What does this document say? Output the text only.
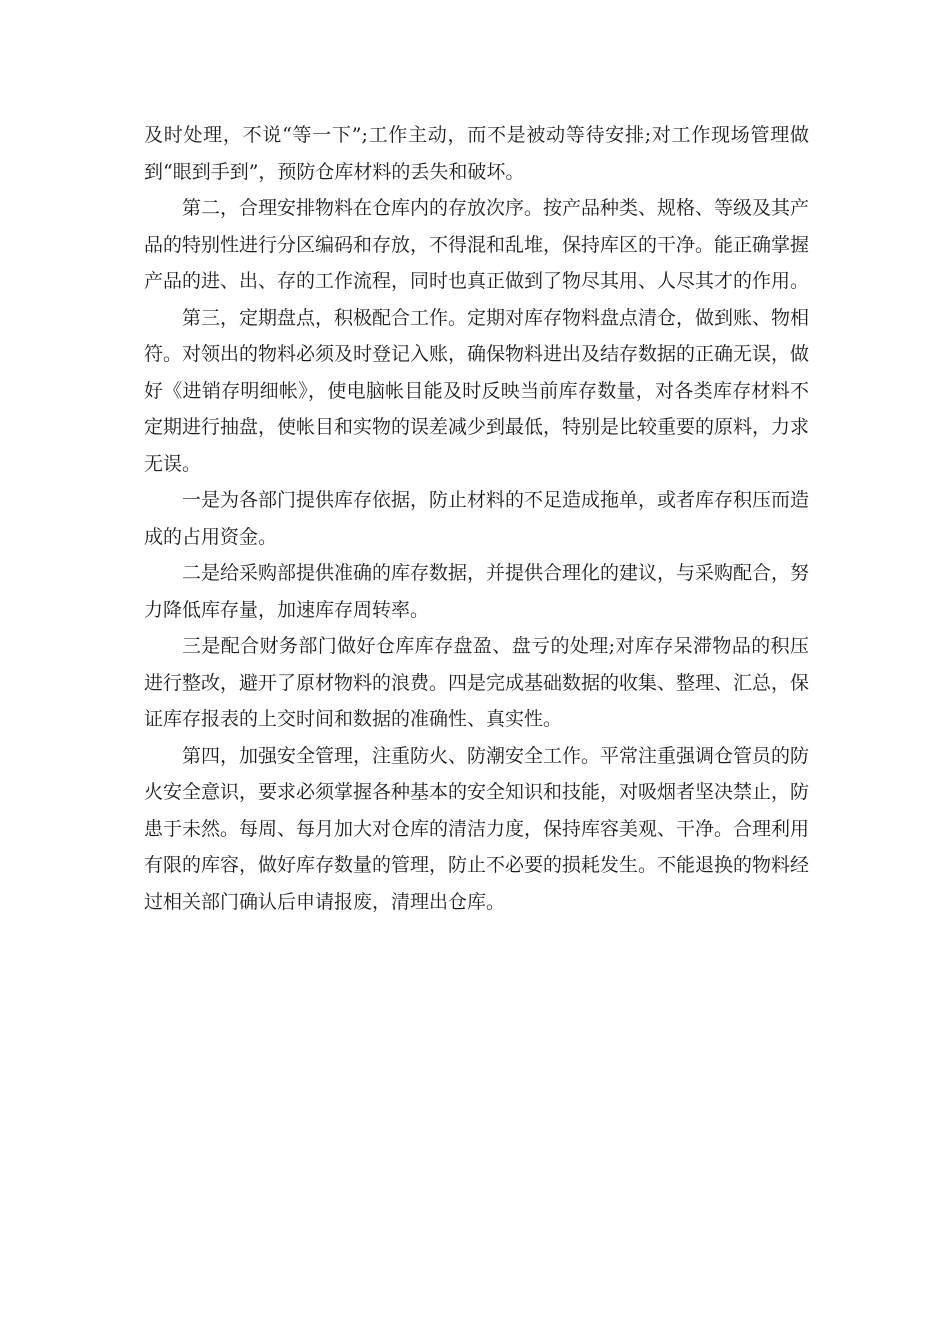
及时处理，不说“等一下”;工作主动，而不是被动等待安排;对工作现场管理做到“眼到手到”，预防仓库材料的丢失和破坏。

第二，合理安排物料在仓库内的存放次序。按产品种类、规格、等级及其产品的特别性进行分区编码和存放，不得混和乱堆，保持库区的干净。能正确掌握产品的进、出、存的工作流程，同时也真正做到了物尽其用、人尽其才的作用。

第三，定期盘点，积极配合工作。定期对库存物料盘点清仓，做到账、物相符。对领出的物料必须及时登记入账，确保物料进出及结存数据的正确无误，做好《进销存明细帐》，使电脑帐目能及时反映当前库存数量，对各类库存材料不定期进行抽盘，使帐目和实物的误差减少到最低，特别是比较重要的原料，力求无误。

一是为各部门提供库存依据，防止材料的不足造成拖单，或者库存积压而造成的占用资金。

二是给采购部提供准确的库存数据，并提供合理化的建议，与采购配合，努力降低库存量，加速库存周转率。

三是配合财务部门做好仓库库存盘盈、盘亏的处理;对库存呆滞物品的积压进行整改，避开了原材物料的浪费。四是完成基础数据的收集、整理、汇总，保证库存报表的上交时间和数据的准确性、真实性。

第四，加强安全管理，注重防火、防潮安全工作。平常注重强调仓管员的防火安全意识，要求必须掌握各种基本的安全知识和技能，对吸烟者坚决禁止，防患于未然。每周、每月加大对仓库的清洁力度，保持库容美观、干净。合理利用有限的库容，做好库存数量的管理，防止不必要的损耗发生。不能退换的物料经过相关部门确认后申请报废，清理出仓库。
